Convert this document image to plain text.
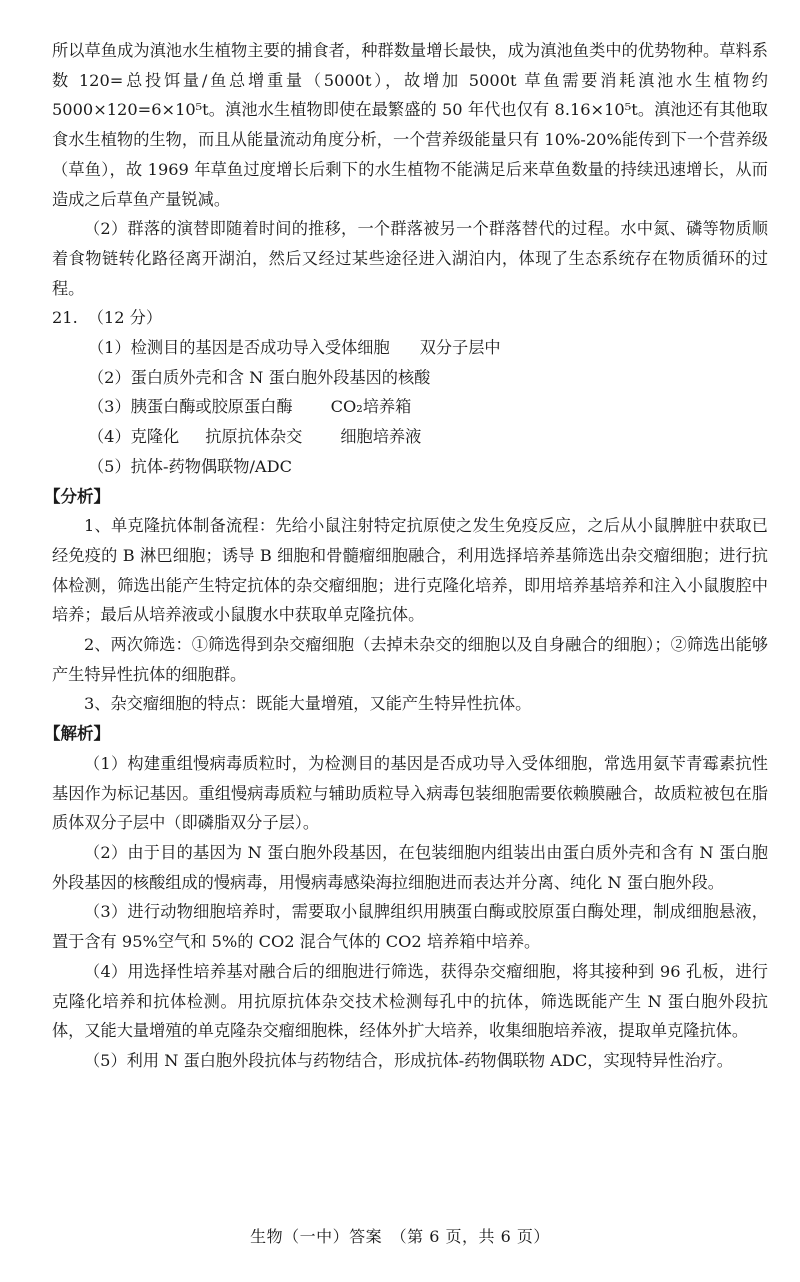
所以草鱼成为滇池水生植物主要的捕食者，种群数量增长最快，成为滇池鱼类中的优势物种。草料系数 120=总投饵量/鱼总增重量（5000t），故增加 5000t 草鱼需要消耗滇池水生植物约 5000×120=6×10⁵t。滇池水生植物即使在最繁盛的 50 年代也仅有 8.16×10⁵t。滇池还有其他取食水生植物的生物，而且从能量流动角度分析，一个营养级能量只有 10%-20%能传到下一个营养级（草鱼），故 1969 年草鱼过度增长后剩下的水生植物不能满足后来草鱼数量的持续迅速增长，从而造成之后草鱼产量锐减。

（2）群落的演替即随着时间的推移，一个群落被另一个群落替代的过程。水中氮、磷等物质顺着食物链转化路径离开湖泊，然后又经过某些途径进入湖泊内，体现了生态系统存在物质循环的过程。

21. （12 分）

（1）检测目的基因是否成功导入受体细胞 双分子层中
（2）蛋白质外壳和含 N 蛋白胞外段基因的核酸
（3）胰蛋白酶或胶原蛋白酶 CO₂培养箱
（4）克隆化 抗原抗体杂交 细胞培养液
（5）抗体-药物偶联物/ADC

【分析】

1、单克隆抗体制备流程：先给小鼠注射特定抗原使之发生免疫反应，之后从小鼠脾脏中获取已经免疫的 B 淋巴细胞；诱导 B 细胞和骨髓瘤细胞融合，利用选择培养基筛选出杂交瘤细胞；进行抗体检测，筛选出能产生特定抗体的杂交瘤细胞；进行克隆化培养，即用培养基培养和注入小鼠腹腔中培养；最后从培养液或小鼠腹水中获取单克隆抗体。

2、两次筛选：①筛选得到杂交瘤细胞（去掉未杂交的细胞以及自身融合的细胞）；②筛选出能够产生特异性抗体的细胞群。

3、杂交瘤细胞的特点：既能大量增殖，又能产生特异性抗体。

【解析】

（1）构建重组慢病毒质粒时，为检测目的基因是否成功导入受体细胞，常选用氨苄青霉素抗性基因作为标记基因。重组慢病毒质粒与辅助质粒导入病毒包装细胞需要依赖膜融合，故质粒被包在脂质体双分子层中（即磷脂双分子层）。

（2）由于目的基因为 N 蛋白胞外段基因，在包装细胞内组装出由蛋白质外壳和含有 N 蛋白胞外段基因的核酸组成的慢病毒，用慢病毒感染海拉细胞进而表达并分离、纯化 N 蛋白胞外段。

（3）进行动物细胞培养时，需要取小鼠脾组织用胰蛋白酶或胶原蛋白酶处理，制成细胞悬液，置于含有 95%空气和 5%的 CO2 混合气体的 CO2 培养箱中培养。

（4）用选择性培养基对融合后的细胞进行筛选，获得杂交瘤细胞，将其接种到 96 孔板，进行克隆化培养和抗体检测。用抗原抗体杂交技术检测每孔中的抗体，筛选既能产生 N 蛋白胞外段抗体，又能大量增殖的单克隆杂交瘤细胞株，经体外扩大培养，收集细胞培养液，提取单克隆抗体。

（5）利用 N 蛋白胞外段抗体与药物结合，形成抗体-药物偶联物 ADC，实现特异性治疗。

生物（一中）答案　（第 6 页，共 6 页）
